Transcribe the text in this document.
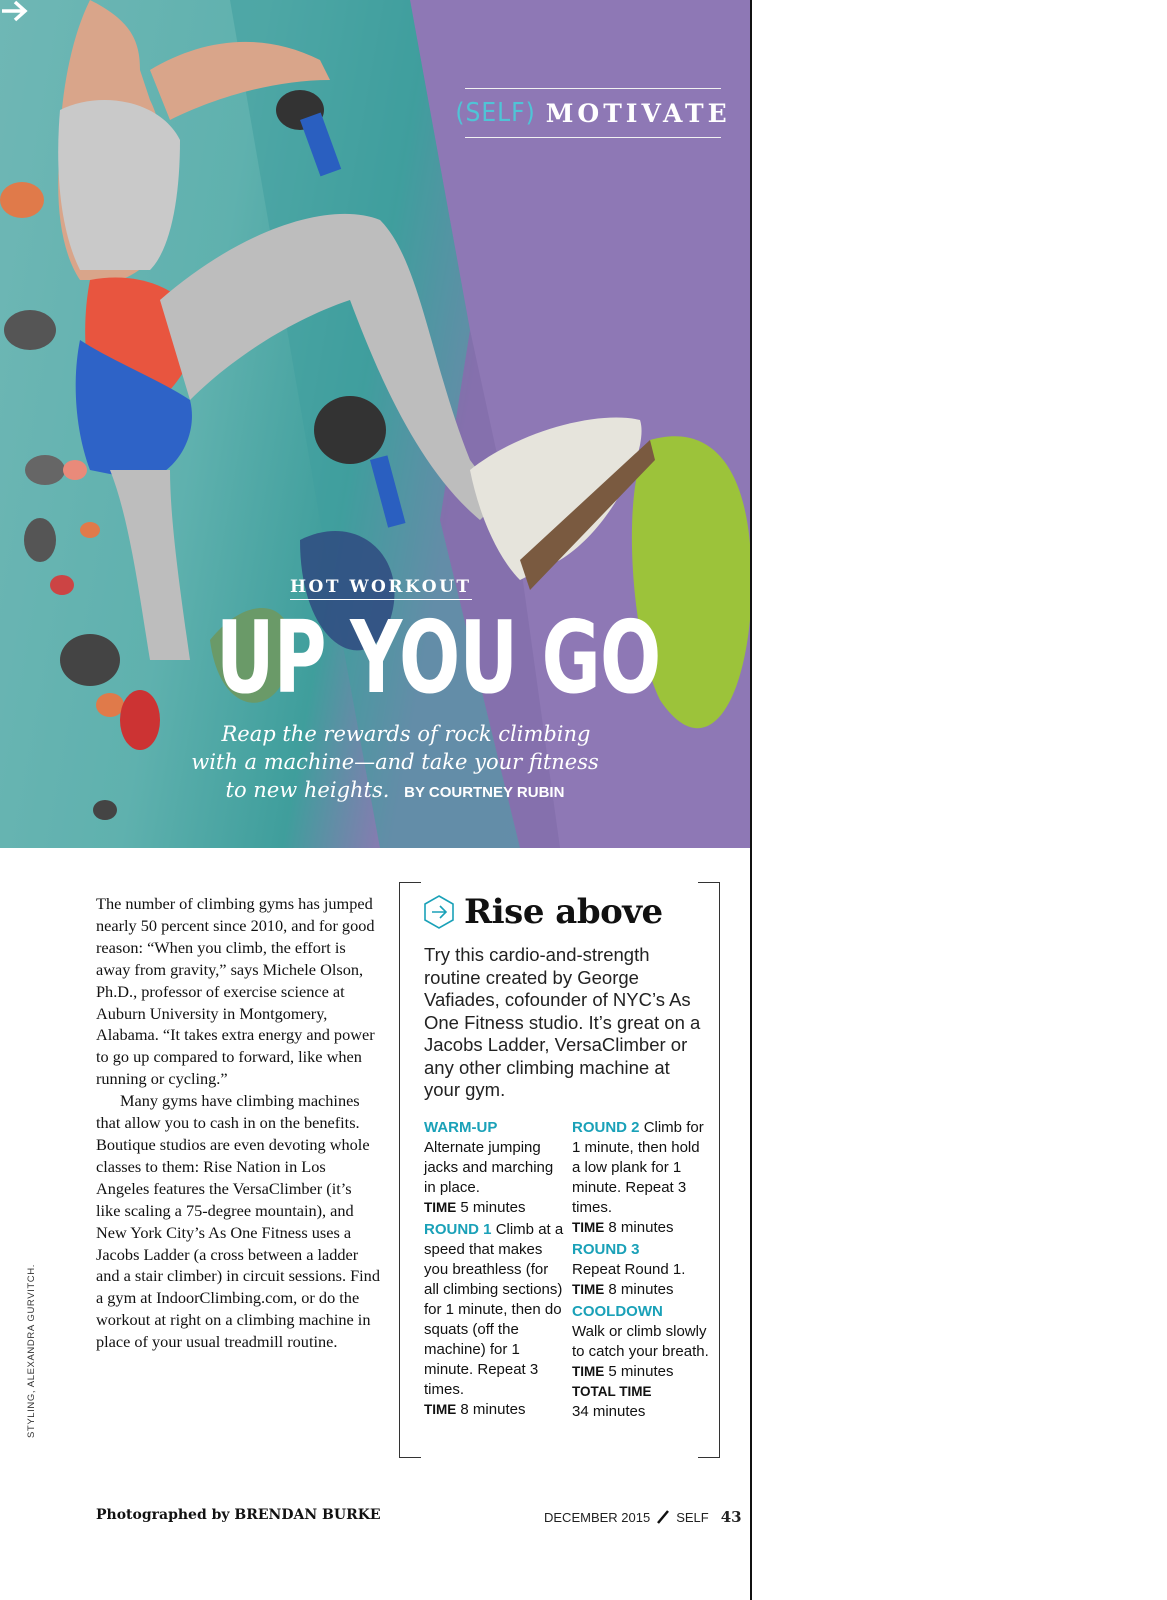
(SELF) MOTIVATE
HOT WORKOUT
UP YOU GO
Reap the rewards of rock climbing with a machine—and take your fitness to new heights. BY COURTNEY RUBIN

The number of climbing gyms has jumped nearly 50 percent since 2010, and for good reason: “When you climb, the effort is away from gravity,” says Michele Olson, Ph.D., professor of exercise science at Auburn University in Montgomery, Alabama. “It takes extra energy and power to go up compared to forward, like when running or cycling.”

Many gyms have climbing machines that allow you to cash in on the benefits. Boutique studios are even devoting whole classes to them: Rise Nation in Los Angeles features the VersaClimber (it’s like scaling a 75-degree mountain), and New York City’s As One Fitness uses a Jacobs Ladder (a cross between a ladder and a stair climber) in circuit sessions. Find a gym at IndoorClimbing.com, or do the workout at right on a climbing machine in place of your usual treadmill routine.

STYLING, ALEXANDRA GURVITCH.
Rise above
Try this cardio-and-strength routine created by George Vafiades, cofounder of NYC’s As One Fitness studio. It’s great on a Jacobs Ladder, VersaClimber or any other climbing machine at your gym.
WARM-UP
Alternate jumping jacks and marching in place.
TIME 5 minutes
ROUND 1 Climb at a speed that makes you breathless (for all climbing sections) for 1 minute, then do squats (off the machine) for 1 minute. Repeat 3 times.
TIME 8 minutes
ROUND 2 Climb for 1 minute, then hold a low plank for 1 minute. Repeat 3 times.
TIME 8 minutes
ROUND 3
Repeat Round 1.
TIME 8 minutes
COOLDOWN
Walk or climb slowly to catch your breath.
TIME 5 minutes
TOTAL TIME
34 minutes
Photographed by BRENDAN BURKE	DECEMBER 2015 SELF 43
